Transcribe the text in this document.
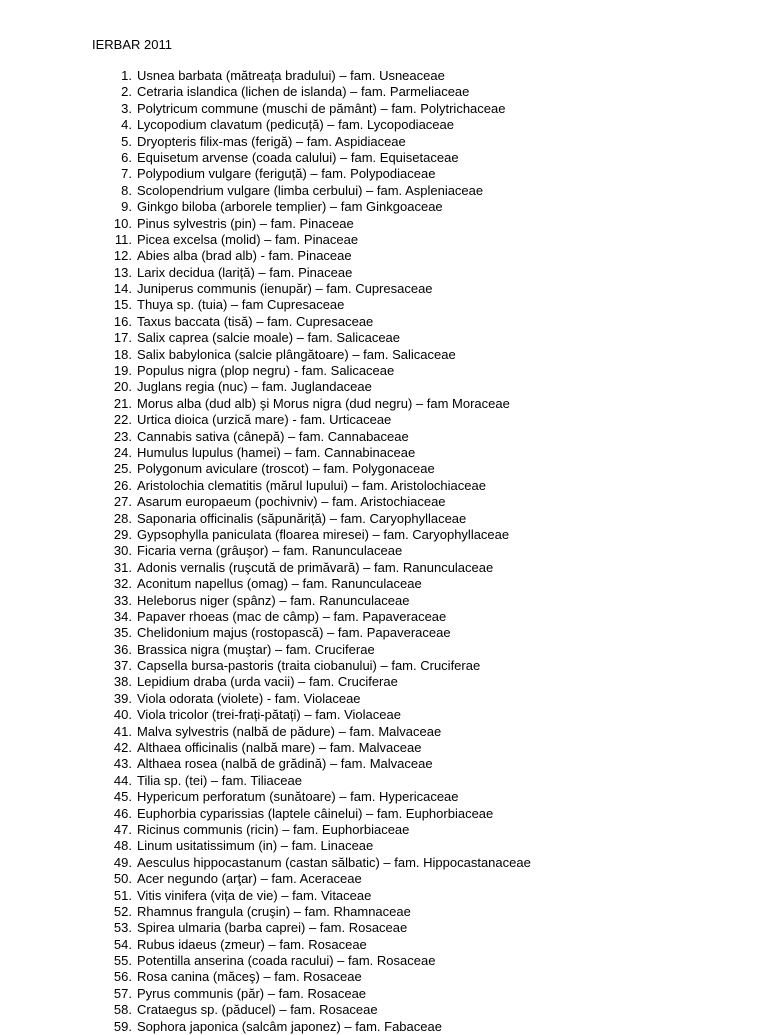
IERBAR 2011
1. Usnea barbata (mătreața bradului) – fam. Usneaceae
2. Cetraria islandica (lichen de islanda) – fam. Parmeliaceae
3. Polytricum commune (muschi de pământ) – fam. Polytrichaceae
4. Lycopodium clavatum (pedicuță) – fam. Lycopodiaceae
5. Dryopteris filix-mas (ferigă) – fam. Aspidiaceae
6. Equisetum arvense (coada calului) – fam. Equisetaceae
7. Polypodium vulgare (feriguță) – fam. Polypodiaceae
8. Scolopendrium vulgare (limba cerbului) – fam. Aspleniaceae
9. Ginkgo biloba (arborele templier) – fam Ginkgoaceae
10. Pinus sylvestris (pin) – fam. Pinaceae
11. Picea excelsa (molid) – fam. Pinaceae
12. Abies alba (brad alb) - fam. Pinaceae
13. Larix decidua (lariță) – fam. Pinaceae
14. Juniperus communis (ienupăr) – fam. Cupresaceae
15. Thuya sp. (tuia) – fam Cupresaceae
16. Taxus baccata (tisă) – fam. Cupresaceae
17. Salix caprea (salcie moale) – fam. Salicaceae
18. Salix babylonica (salcie plângătoare) – fam. Salicaceae
19. Populus nigra (plop negru) - fam. Salicaceae
20. Juglans regia (nuc) – fam. Juglandaceae
21. Morus alba (dud alb) şi Morus nigra (dud negru) – fam Moraceae
22. Urtica dioica (urzică mare) - fam. Urticaceae
23. Cannabis sativa (cânepă) – fam. Cannabaceae
24. Humulus lupulus (hamei) – fam. Cannabinaceae
25. Polygonum aviculare (troscot) – fam. Polygonaceae
26. Aristolochia clematitis (mărul lupului) – fam. Aristolochiaceae
27. Asarum europaeum (pochivniv) – fam. Aristochiaceae
28. Saponaria officinalis (săpunăriță) – fam. Caryophyllaceae
29. Gypsophylla paniculata (floarea miresei) – fam. Caryophyllaceae
30. Ficaria verna (grâuşor) – fam. Ranunculaceae
31. Adonis vernalis (ruşcută de primăvară) – fam. Ranunculaceae
32. Aconitum napellus (omag) – fam. Ranunculaceae
33. Heleborus niger (spânz) – fam. Ranunculaceae
34. Papaver rhoeas (mac de câmp) – fam. Papaveraceae
35. Chelidonium majus (rostopască) – fam. Papaveraceae
36. Brassica nigra (muştar) – fam. Cruciferae
37. Capsella bursa-pastoris (traita ciobanului) – fam. Cruciferae
38. Lepidium draba (urda vacii) – fam. Cruciferae
39. Viola odorata (violete) - fam. Violaceae
40. Viola tricolor (trei-frați-pătați) – fam. Violaceae
41. Malva sylvestris (nalbă de pădure) – fam. Malvaceae
42. Althaea officinalis (nalbă mare) – fam. Malvaceae
43. Althaea rosea (nalbă de grădină) – fam. Malvaceae
44. Tilia sp. (tei) – fam. Tiliaceae
45. Hypericum perforatum (sunătoare) – fam. Hypericaceae
46. Euphorbia cyparissias (laptele câinelui) – fam. Euphorbiaceae
47. Ricinus communis (ricin) – fam. Euphorbiaceae
48. Linum usitatissimum (in) – fam. Linaceae
49. Aesculus hippocastanum (castan sălbatic) – fam. Hippocastanaceae
50. Acer negundo (arţar) – fam. Aceraceae
51. Vitis vinifera (vița de vie) – fam. Vitaceae
52. Rhamnus frangula (cruşin) – fam. Rhamnaceae
53. Spirea ulmaria (barba caprei) – fam. Rosaceae
54. Rubus idaeus (zmeur) – fam. Rosaceae
55. Potentilla anserina (coada racului) – fam. Rosaceae
56. Rosa canina (măceş) – fam. Rosaceae
57. Pyrus communis (păr) – fam. Rosaceae
58. Crataegus sp. (păducel) – fam. Rosaceae
59. Sophora japonica (salcâm japonez) – fam. Fabaceae
